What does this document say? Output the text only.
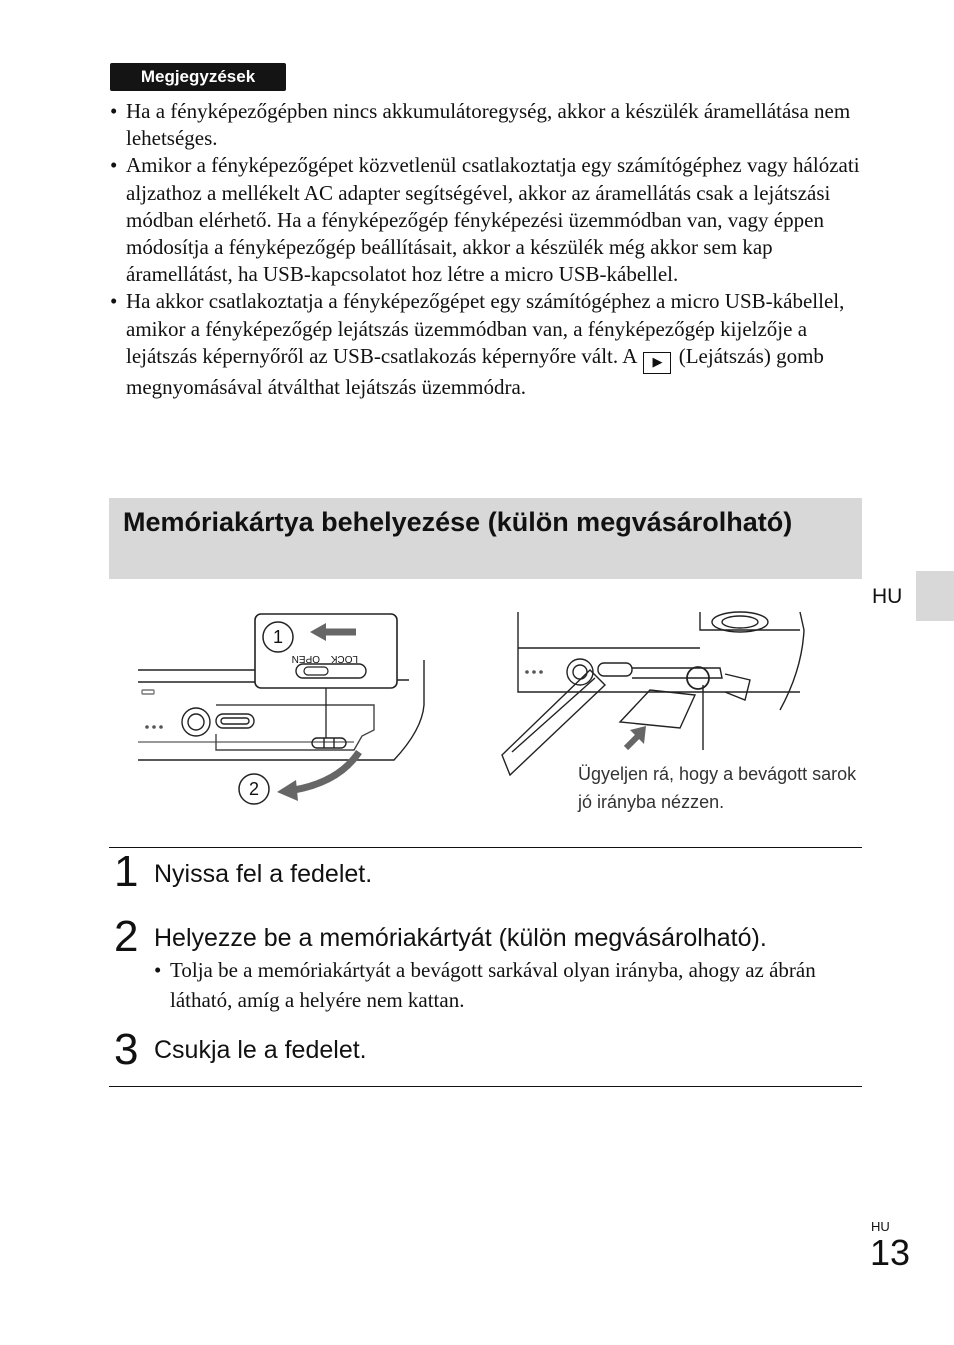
Megjegyzések
• Ha a fényképezőgépben nincs akkumulátoregység, akkor a készülék áramellátása nem lehetséges.
• Amikor a fényképezőgépet közvetlenül csatlakoztatja egy számítógéphez vagy hálózati aljzathoz a mellékelt AC adapter segítségével, akkor az áramellátás csak a lejátszási módban elérhető. Ha a fényképezőgép fényképezési üzemmódban van, vagy éppen módosítja a fényképezőgép beállításait, akkor a készülék még akkor sem kap áramellátást, ha USB-kapcsolatot hoz létre a micro USB-kábellel.
• Ha akkor csatlakoztatja a fényképezőgépet egy számítógéphez a micro USB-kábellel, amikor a fényképezőgép lejátszás üzemmódban van, a fényképezőgép kijelzője a lejátszás képernyőről az USB-csatlakozás képernyőre vált. A ▶ (Lejátszás) gomb megnyomásával átválthat lejátszás üzemmódra.
Memóriakártya behelyezése (külön megvásárolható)
HU
1
LOCK
OPEN
2
Ügyeljen rá, hogy a bevágott sarok jó irányba nézzen.
1 Nyissa fel a fedelet.
2 Helyezze be a memóriakártyát (külön megvásárolható).
• Tolja be a memóriakártyát a bevágott sarkával olyan irányba, ahogy az ábrán látható, amíg a helyére nem kattan.
3 Csukja le a fedelet.
HU
13
